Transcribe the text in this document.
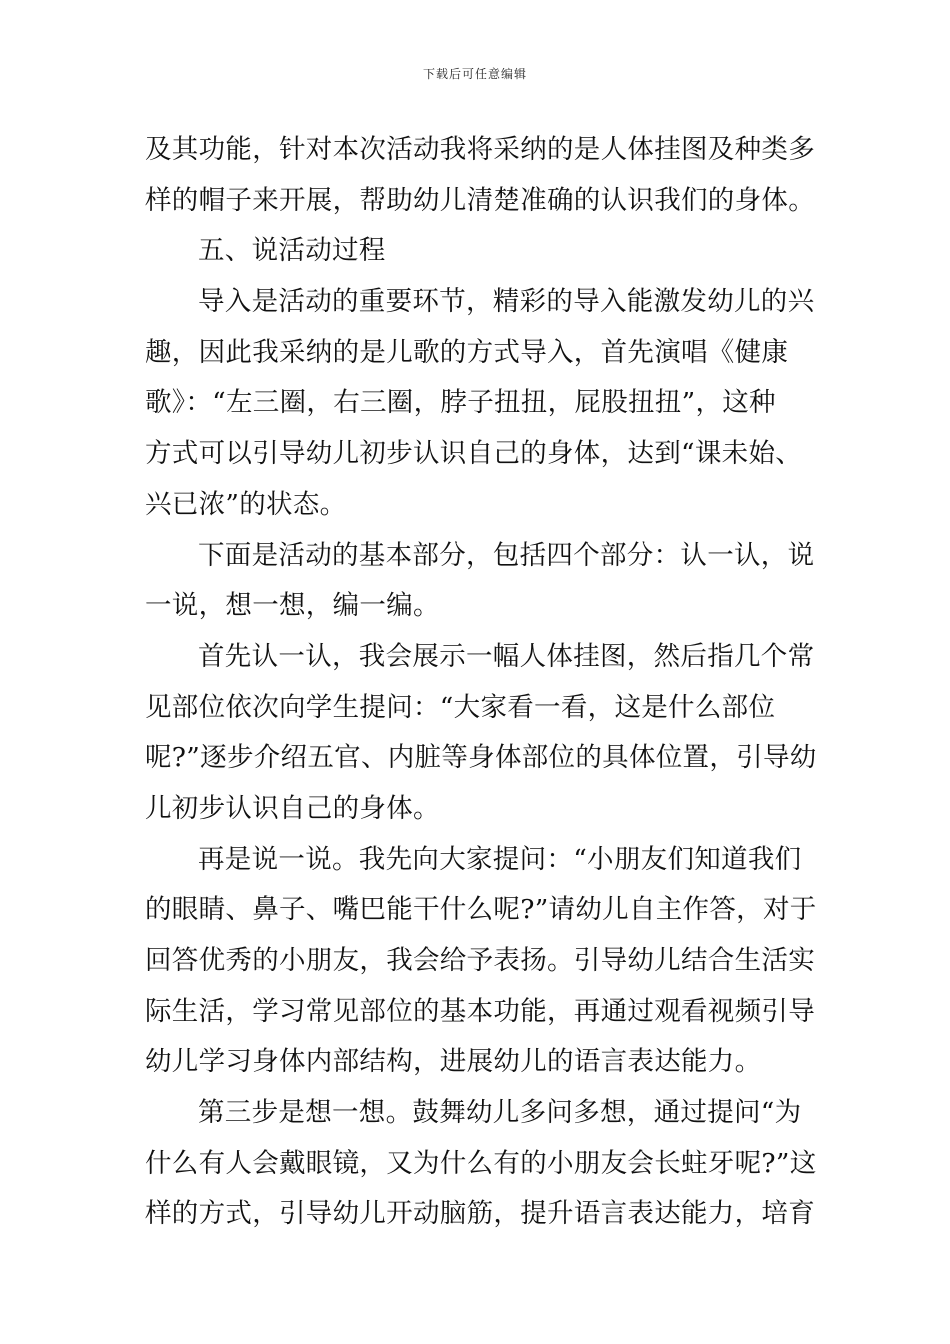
下载后可任意编辑

及其功能，针对本次活动我将采纳的是人体挂图及种类多
样的帽子来开展，帮助幼儿清楚准确的认识我们的身体。

五、说活动过程

导入是活动的重要环节，精彩的导入能激发幼儿的兴
趣，因此我采纳的是儿歌的方式导入，首先演唱《健康
歌》：“左三圈，右三圈，脖子扭扭，屁股扭扭”，这种
方式可以引导幼儿初步认识自己的身体，达到“课未始、
兴已浓”的状态。

下面是活动的基本部分，包括四个部分：认一认，说
一说，想一想，编一编。

首先认一认，我会展示一幅人体挂图，然后指几个常
见部位依次向学生提问：“大家看一看，这是什么部位
呢?”逐步介绍五官、内脏等身体部位的具体位置，引导幼
儿初步认识自己的身体。

再是说一说。我先向大家提问：“小朋友们知道我们
的眼睛、鼻子、嘴巴能干什么呢?”请幼儿自主作答，对于
回答优秀的小朋友，我会给予表扬。引导幼儿结合生活实
际生活，学习常见部位的基本功能，再通过观看视频引导
幼儿学习身体内部结构，进展幼儿的语言表达能力。

第三步是想一想。鼓舞幼儿多问多想，通过提问“为
什么有人会戴眼镜，又为什么有的小朋友会长蛀牙呢?”这
样的方式，引导幼儿开动脑筋，提升语言表达能力，培育
